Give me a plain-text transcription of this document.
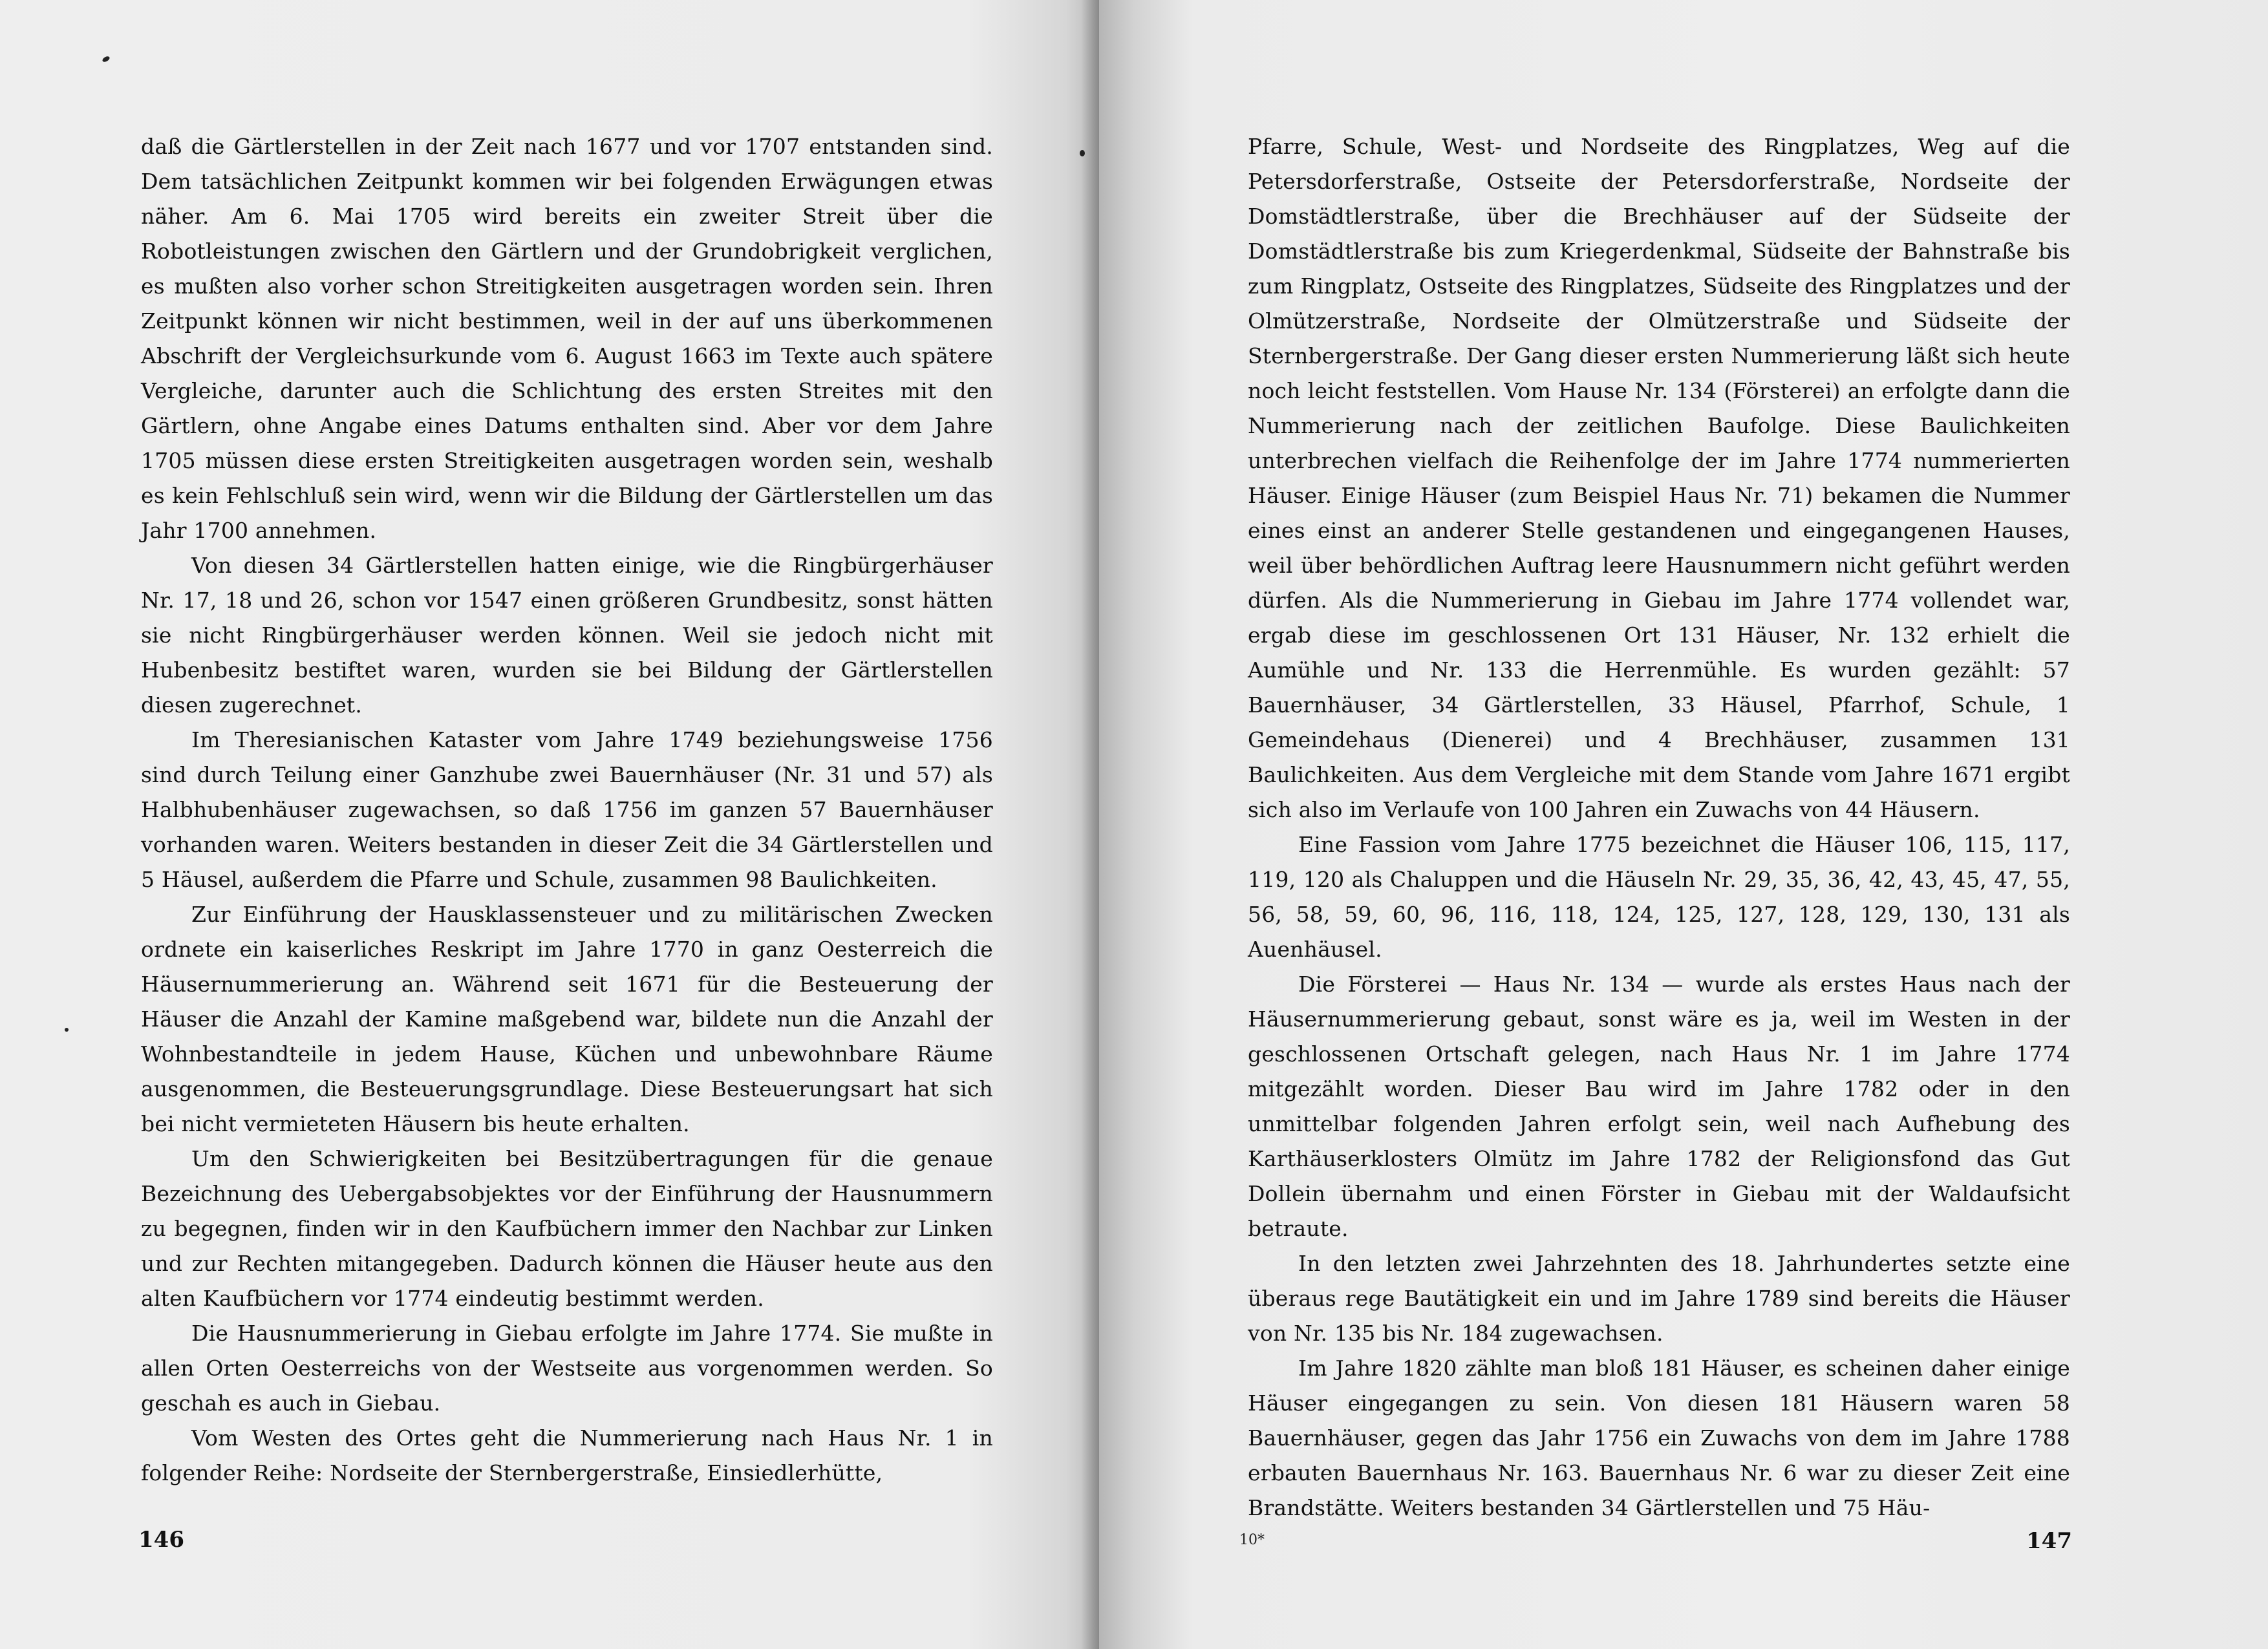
daß die Gärtlerstellen in der Zeit nach 1677 und vor 1707 entstanden sind. Dem tatsächlichen Zeitpunkt kommen wir bei folgenden Erwägungen etwas näher. Am 6. Mai 1705 wird bereits ein zweiter Streit über die Robotleistungen zwischen den Gärtlern und der Grundobrigkeit verglichen, es mußten also vorher schon Streitigkeiten ausgetragen worden sein. Ihren Zeitpunkt können wir nicht bestimmen, weil in der auf uns überkommenen Abschrift der Vergleichsurkunde vom 6. August 1663 im Texte auch spätere Vergleiche, darunter auch die Schlichtung des ersten Streites mit den Gärtlern, ohne Angabe eines Datums enthalten sind. Aber vor dem Jahre 1705 müssen diese ersten Streitigkeiten ausgetragen worden sein, weshalb es kein Fehlschluß sein wird, wenn wir die Bildung der Gärtlerstellen um das Jahr 1700 annehmen.

Von diesen 34 Gärtlerstellen hatten einige, wie die Ringbürgerhäuser Nr. 17, 18 und 26, schon vor 1547 einen größeren Grundbesitz, sonst hätten sie nicht Ringbürgerhäuser werden können. Weil sie jedoch nicht mit Hubenbesitz bestiftet waren, wurden sie bei Bildung der Gärtlerstellen diesen zugerechnet.

Im Theresianischen Kataster vom Jahre 1749 beziehungsweise 1756 sind durch Teilung einer Ganzhube zwei Bauernhäuser (Nr. 31 und 57) als Halbhubenhäuser zugewachsen, so daß 1756 im ganzen 57 Bauernhäuser vorhanden waren. Weiters bestanden in dieser Zeit die 34 Gärtlerstellen und 5 Häusel, außerdem die Pfarre und Schule, zusammen 98 Baulichkeiten.

Zur Einführung der Hausklassensteuer und zu militärischen Zwecken ordnete ein kaiserliches Reskript im Jahre 1770 in ganz Oesterreich die Häusernummerierung an. Während seit 1671 für die Besteuerung der Häuser die Anzahl der Kamine maßgebend war, bildete nun die Anzahl der Wohnbestandteile in jedem Hause, Küchen und unbewohnbare Räume ausgenommen, die Besteuerungsgrundlage. Diese Besteuerungsart hat sich bei nicht vermieteten Häusern bis heute erhalten.

Um den Schwierigkeiten bei Besitzübertragungen für die genaue Bezeichnung des Uebergabsobjektes vor der Einführung der Hausnummern zu begegnen, finden wir in den Kaufbüchern immer den Nachbar zur Linken und zur Rechten mitangegeben. Dadurch können die Häuser heute aus den alten Kaufbüchern vor 1774 eindeutig bestimmt werden.

Die Hausnummerierung in Giebau erfolgte im Jahre 1774. Sie mußte in allen Orten Oesterreichs von der Westseite aus vorgenommen werden. So geschah es auch in Giebau.

Vom Westen des Ortes geht die Nummerierung nach Haus Nr. 1 in folgender Reihe: Nordseite der Sternbergerstraße, Einsiedlerhütte,

146

Pfarre, Schule, West- und Nordseite des Ringplatzes, Weg auf die Petersdorferstraße, Ostseite der Petersdorferstraße, Nordseite der Domstädtlerstraße, über die Brechhäuser auf der Südseite der Domstädtlerstraße bis zum Kriegerdenkmal, Südseite der Bahnstraße bis zum Ringplatz, Ostseite des Ringplatzes, Südseite des Ringplatzes und der Olmützerstraße, Nordseite der Olmützerstraße und Südseite der Sternbergerstraße. Der Gang dieser ersten Nummerierung läßt sich heute noch leicht feststellen. Vom Hause Nr. 134 (Försterei) an erfolgte dann die Nummerierung nach der zeitlichen Baufolge. Diese Baulichkeiten unterbrechen vielfach die Reihenfolge der im Jahre 1774 nummerierten Häuser. Einige Häuser (zum Beispiel Haus Nr. 71) bekamen die Nummer eines einst an anderer Stelle gestandenen und eingegangenen Hauses, weil über behördlichen Auftrag leere Hausnummern nicht geführt werden dürfen. Als die Nummerierung in Giebau im Jahre 1774 vollendet war, ergab diese im geschlossenen Ort 131 Häuser, Nr. 132 erhielt die Aumühle und Nr. 133 die Herrenmühle. Es wurden gezählt: 57 Bauernhäuser, 34 Gärtlerstellen, 33 Häusel, Pfarrhof, Schule, 1 Gemeindehaus (Dienerei) und 4 Brechhäuser, zusammen 131 Baulichkeiten. Aus dem Vergleiche mit dem Stande vom Jahre 1671 ergibt sich also im Verlaufe von 100 Jahren ein Zuwachs von 44 Häusern.

Eine Fassion vom Jahre 1775 bezeichnet die Häuser 106, 115, 117, 119, 120 als Chaluppen und die Häuseln Nr. 29, 35, 36, 42, 43, 45, 47, 55, 56, 58, 59, 60, 96, 116, 118, 124, 125, 127, 128, 129, 130, 131 als Auenhäusel.

Die Försterei — Haus Nr. 134 — wurde als erstes Haus nach der Häusernummerierung gebaut, sonst wäre es ja, weil im Westen in der geschlossenen Ortschaft gelegen, nach Haus Nr. 1 im Jahre 1774 mitgezählt worden. Dieser Bau wird im Jahre 1782 oder in den unmittelbar folgenden Jahren erfolgt sein, weil nach Aufhebung des Karthäuserklosters Olmütz im Jahre 1782 der Religionsfond das Gut Dollein übernahm und einen Förster in Giebau mit der Waldaufsicht betraute.

In den letzten zwei Jahrzehnten des 18. Jahrhundertes setzte eine überaus rege Bautätigkeit ein und im Jahre 1789 sind bereits die Häuser von Nr. 135 bis Nr. 184 zugewachsen.

Im Jahre 1820 zählte man bloß 181 Häuser, es scheinen daher einige Häuser eingegangen zu sein. Von diesen 181 Häusern waren 58 Bauernhäuser, gegen das Jahr 1756 ein Zuwachs von dem im Jahre 1788 erbauten Bauernhaus Nr. 163. Bauernhaus Nr. 6 war zu dieser Zeit eine Brandstätte. Weiters bestanden 34 Gärtlerstellen und 75 Häu-

10*	147
